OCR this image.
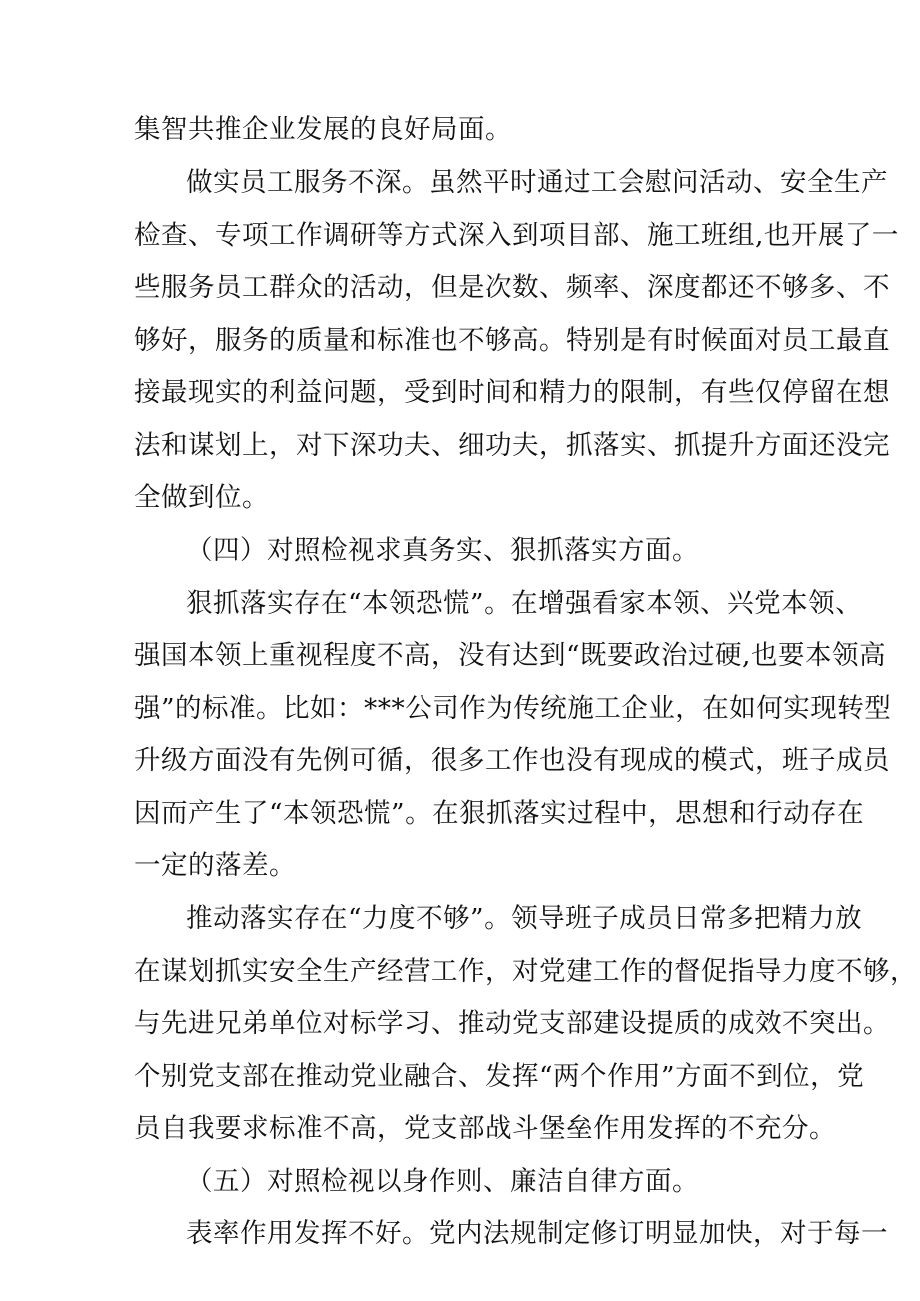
集智共推企业发展的良好局面。
做实员工服务不深。虽然平时通过工会慰问活动、安全生产
检查、专项工作调研等方式深入到项目部、施工班组,也开展了一
些服务员工群众的活动，但是次数、频率、深度都还不够多、不
够好，服务的质量和标准也不够高。特别是有时候面对员工最直
接最现实的利益问题，受到时间和精力的限制，有些仅停留在想
法和谋划上，对下深功夫、细功夫，抓落实、抓提升方面还没完
全做到位。
（四）对照检视求真务实、狠抓落实方面。
狠抓落实存在“本领恐慌”。在增强看家本领、兴党本领、
强国本领上重视程度不高，没有达到“既要政治过硬,也要本领高
强”的标准。比如：***公司作为传统施工企业，在如何实现转型
升级方面没有先例可循，很多工作也没有现成的模式，班子成员
因而产生了“本领恐慌”。在狠抓落实过程中，思想和行动存在
一定的落差。
推动落实存在“力度不够”。领导班子成员日常多把精力放
在谋划抓实安全生产经营工作，对党建工作的督促指导力度不够，
与先进兄弟单位对标学习、推动党支部建设提质的成效不突出。
个别党支部在推动党业融合、发挥“两个作用”方面不到位，党
员自我要求标准不高，党支部战斗堡垒作用发挥的不充分。
（五）对照检视以身作则、廉洁自律方面。
表率作用发挥不好。党内法规制定修订明显加快，对于每一
